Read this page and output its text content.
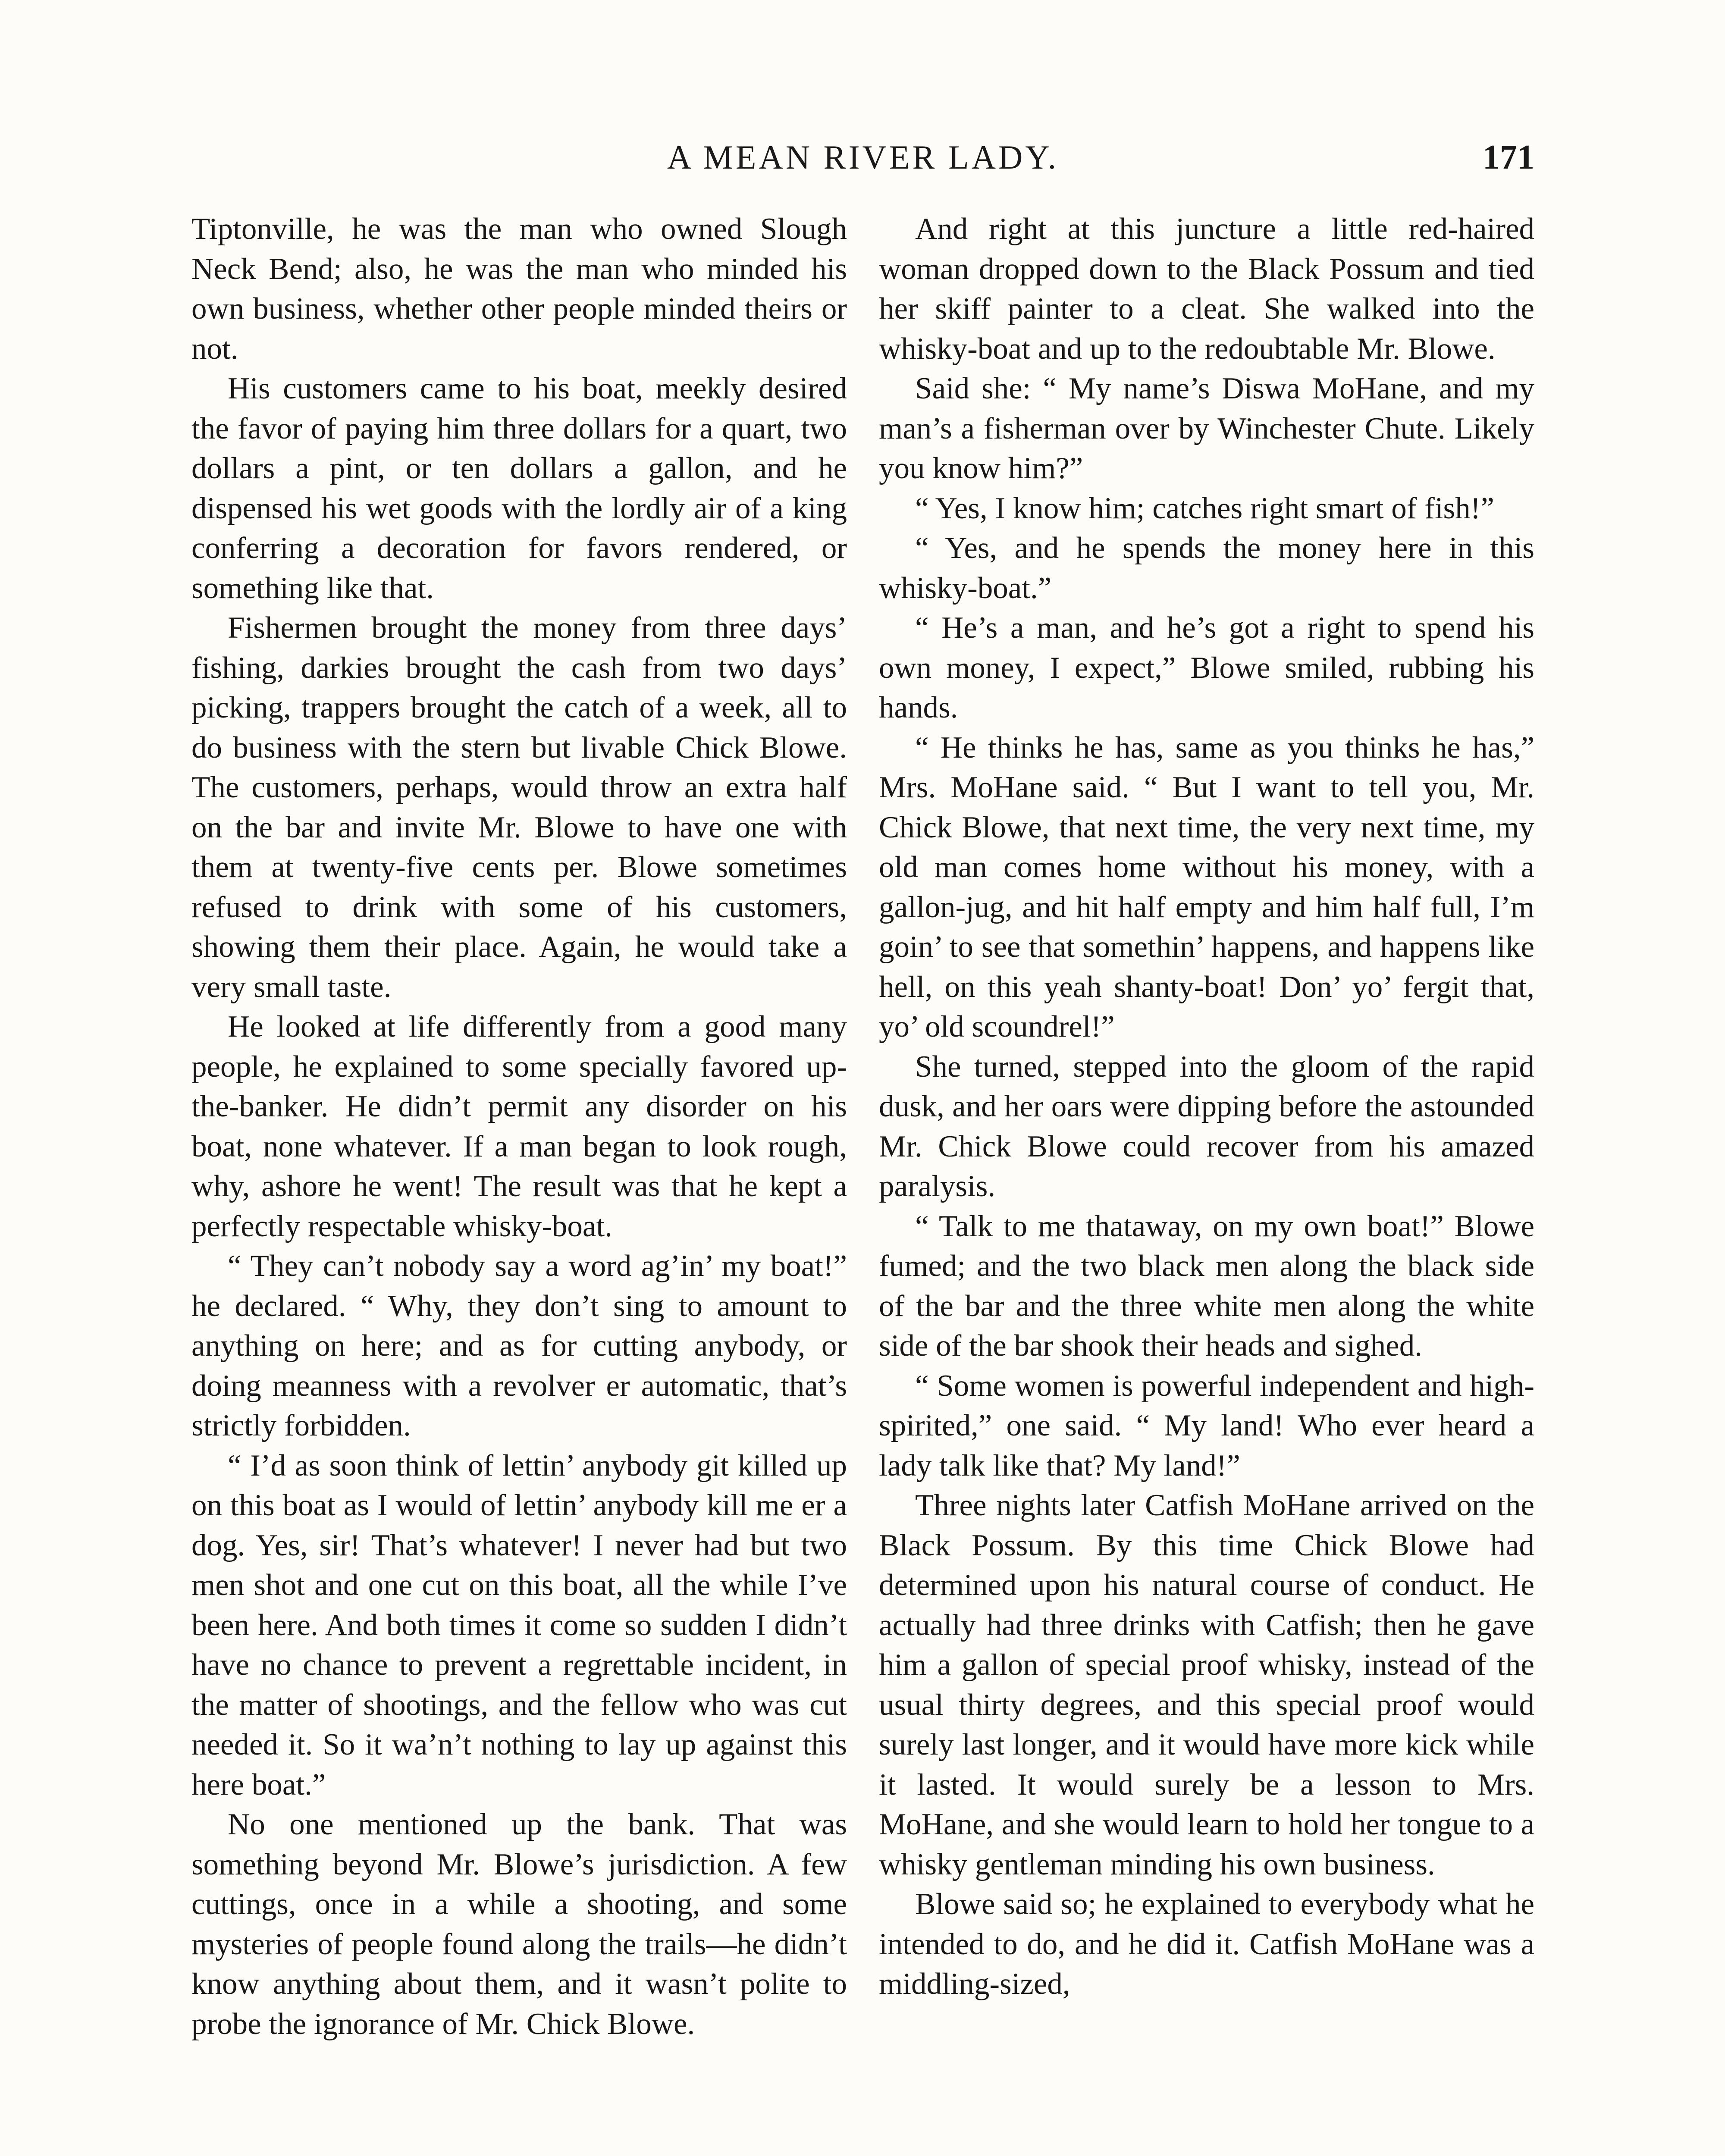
A MEAN RIVER LADY.	171

Tiptonville, he was the man who owned Slough Neck Bend; also, he was the man who minded his own business, whether other people minded theirs or not.

His customers came to his boat, meekly desired the favor of paying him three dollars for a quart, two dollars a pint, or ten dollars a gallon, and he dispensed his wet goods with the lordly air of a king conferring a decoration for favors rendered, or something like that.

Fishermen brought the money from three days’ fishing, darkies brought the cash from two days’ picking, trappers brought the catch of a week, all to do business with the stern but livable Chick Blowe. The customers, perhaps, would throw an extra half on the bar and invite Mr. Blowe to have one with them at twenty-five cents per. Blowe sometimes refused to drink with some of his customers, showing them their place. Again, he would take a very small taste.

He looked at life differently from a good many people, he explained to some specially favored up-the-banker. He didn’t permit any disorder on his boat, none whatever. If a man began to look rough, why, ashore he went! The result was that he kept a perfectly respectable whisky-boat.

“ They can’t nobody say a word ag’in’ my boat!” he declared. “ Why, they don’t sing to amount to anything on here; and as for cutting anybody, or doing meanness with a revolver er automatic, that’s strictly forbidden.

“ I’d as soon think of lettin’ anybody git killed up on this boat as I would of lettin’ anybody kill me er a dog. Yes, sir! That’s whatever! I never had but two men shot and one cut on this boat, all the while I’ve been here. And both times it come so sudden I didn’t have no chance to prevent a regrettable incident, in the matter of shootings, and the fellow who was cut needed it. So it wa’n’t nothing to lay up against this here boat.”

No one mentioned up the bank. That was something beyond Mr. Blowe’s jurisdiction. A few cuttings, once in a while a shooting, and some mysteries of people found along the trails—he didn’t know anything about them, and it wasn’t polite to probe the ignorance of Mr. Chick Blowe.

And right at this juncture a little red-haired woman dropped down to the Black Possum and tied her skiff painter to a cleat. She walked into the whisky-boat and up to the redoubtable Mr. Blowe.

Said she: “ My name’s Diswa MoHane, and my man’s a fisherman over by Winchester Chute. Likely you know him?”

“ Yes, I know him; catches right smart of fish!”

“ Yes, and he spends the money here in this whisky-boat.”

“ He’s a man, and he’s got a right to spend his own money, I expect,” Blowe smiled, rubbing his hands.

“ He thinks he has, same as you thinks he has,” Mrs. MoHane said. “ But I want to tell you, Mr. Chick Blowe, that next time, the very next time, my old man comes home without his money, with a gallon-jug, and hit half empty and him half full, I’m goin’ to see that somethin’ happens, and happens like hell, on this yeah shanty-boat! Don’ yo’ fergit that, yo’ old scoundrel!”

She turned, stepped into the gloom of the rapid dusk, and her oars were dipping before the astounded Mr. Chick Blowe could recover from his amazed paralysis.

“ Talk to me thataway, on my own boat!” Blowe fumed; and the two black men along the black side of the bar and the three white men along the white side of the bar shook their heads and sighed.

“ Some women is powerful independent and high-spirited,” one said. “ My land! Who ever heard a lady talk like that? My land!”

Three nights later Catfish MoHane arrived on the Black Possum. By this time Chick Blowe had determined upon his natural course of conduct. He actually had three drinks with Catfish; then he gave him a gallon of special proof whisky, instead of the usual thirty degrees, and this special proof would surely last longer, and it would have more kick while it lasted. It would surely be a lesson to Mrs. MoHane, and she would learn to hold her tongue to a whisky gentleman minding his own business.

Blowe said so; he explained to everybody what he intended to do, and he did it. Catfish MoHane was a middling-sized,
